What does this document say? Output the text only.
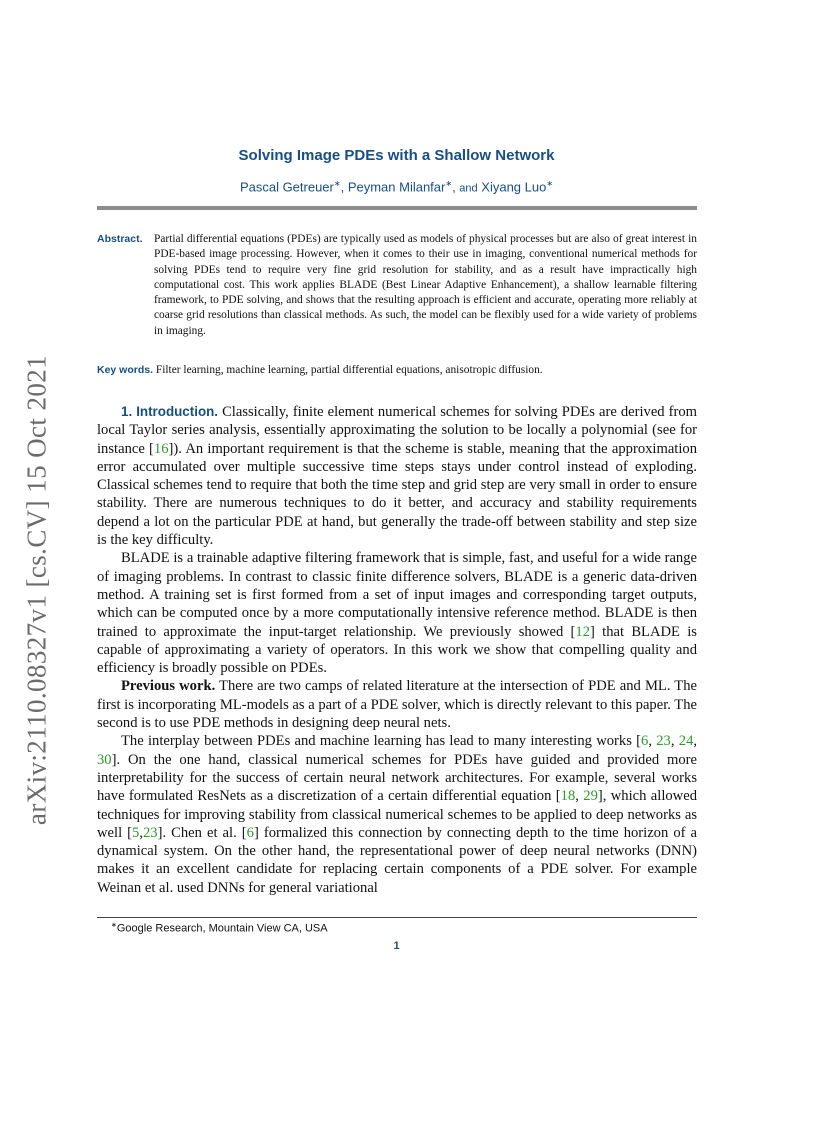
arXiv:2110.08327v1 [cs.CV] 15 Oct 2021
Solving Image PDEs with a Shallow Network
Pascal Getreuer∗, Peyman Milanfar∗, and Xiyang Luo∗
Abstract. Partial differential equations (PDEs) are typically used as models of physical processes but are also of great interest in PDE-based image processing. However, when it comes to their use in imaging, conventional numerical methods for solving PDEs tend to require very fine grid resolution for stability, and as a result have impractically high computational cost. This work applies BLADE (Best Linear Adaptive Enhancement), a shallow learnable filtering framework, to PDE solving, and shows that the resulting approach is efficient and accurate, operating more reliably at coarse grid resolutions than classical methods. As such, the model can be flexibly used for a wide variety of problems in imaging.
Key words. Filter learning, machine learning, partial differential equations, anisotropic diffusion.

1. Introduction. Classically, finite element numerical schemes for solving PDEs are derived from local Taylor series analysis, essentially approximating the solution to be locally a polynomial (see for instance [16]). An important requirement is that the scheme is stable, meaning that the approximation error accumulated over multiple successive time steps stays under control instead of exploding. Classical schemes tend to require that both the time step and grid step are very small in order to ensure stability. There are numerous techniques to do it better, and accuracy and stability requirements depend a lot on the particular PDE at hand, but generally the trade-off between stability and step size is the key difficulty.

BLADE is a trainable adaptive filtering framework that is simple, fast, and useful for a wide range of imaging problems. In contrast to classic finite difference solvers, BLADE is a generic data-driven method. A training set is first formed from a set of input images and corresponding target outputs, which can be computed once by a more computationally intensive reference method. BLADE is then trained to approximate the input-target relationship. We previously showed [12] that BLADE is capable of approximating a variety of operators. In this work we show that compelling quality and efficiency is broadly possible on PDEs.

Previous work. There are two camps of related literature at the intersection of PDE and ML. The first is incorporating ML-models as a part of a PDE solver, which is directly relevant to this paper. The second is to use PDE methods in designing deep neural nets.

The interplay between PDEs and machine learning has lead to many interesting works [6, 23, 24, 30]. On the one hand, classical numerical schemes for PDEs have guided and provided more interpretability for the success of certain neural network architectures. For example, several works have formulated ResNets as a discretization of a certain differential equation [18, 29], which allowed techniques for improving stability from classical numerical schemes to be applied to deep networks as well [5,23]. Chen et al. [6] formalized this connection by connecting depth to the time horizon of a dynamical system. On the other hand, the representational power of deep neural networks (DNN) makes it an excellent candidate for replacing certain components of a PDE solver. For example Weinan et al. used DNNs for general variational

∗Google Research, Mountain View CA, USA
1
